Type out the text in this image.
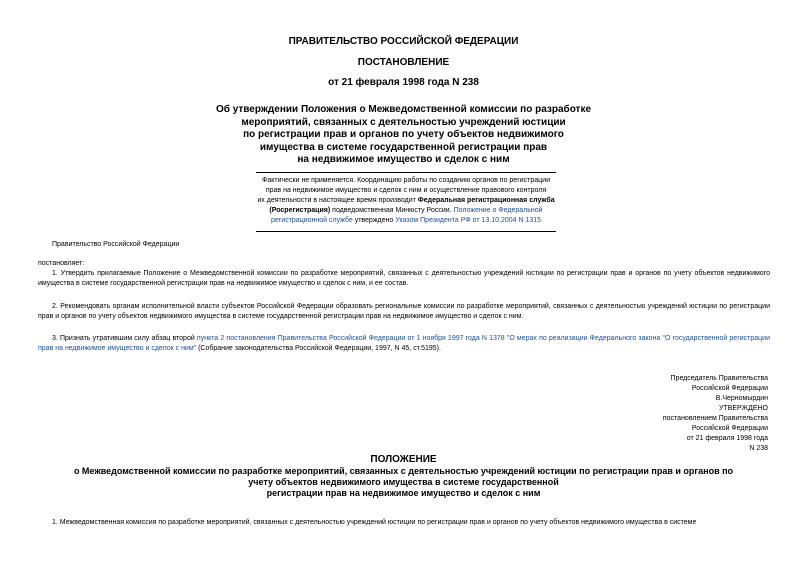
ПРАВИТЕЛЬСТВО РОССИЙСКОЙ ФЕДЕРАЦИИ
ПОСТАНОВЛЕНИЕ
от 21 февраля 1998 года N 238
Об утверждении Положения о Межведомственной комиссии по разработке
мероприятий, связанных с деятельностью учреждений юстиции
по регистрации прав и органов по учету объектов недвижимого
имущества в системе государственной регистрации прав
на недвижимое имущество и сделок с ним
Фактически не применяется. Координацию работы по созданию органов по регистрации
прав на недвижимое имущество и сделок с ним и осуществление правового контроля
их деятельности в настоящее время производит Федеральная регистрационная служба
(Росрегистрация) подведомственная Минюсту России. Положение о Федеральной
регистрационной службе утверждено Указом Президента РФ от 13.10.2004 N 1315
Правительство Российской Федерации
постановляет:
1. Утвердить прилагаемые Положение о Межведомственной комиссии по разработке мероприятий, связанных с деятельностью учреждений юстиции по регистрации прав и органов по учету объектов недвижимого имущества в системе государственной регистрации прав на недвижимое имущество и сделок с ним, и ее состав.
2. Рекомендовать органам исполнительной власти субъектов Российской Федерации образовать региональные комиссии по разработке мероприятий, связанных с деятельностью учреждений юстиции по регистрации прав и органов по учету объектов недвижимого имущества в системе государственной регистрации прав на недвижимое имущество и сделок с ним.
3. Признать утратившим силу абзац второй пункта 2 постановления Правительства Российской Федерации от 1 ноября 1997 года N 1378 "О мерах по реализации Федерального закона "О государственной регистрации прав на недвижимое имущество и сделок с ним" (Собрание законодательства Российской Федерации, 1997, N 45, ст.5195).
Председатель Правительства
Российской Федерации
В.Черномырдин
УТВЕРЖДЕНО
постановлением Правительства
Российской Федерации
от 21 февраля 1998 года
N 238
ПОЛОЖЕНИЕ
о Межведомственной комиссии по разработке мероприятий, связанных с деятельностью учреждений юстиции по регистрации прав и органов по
учету объектов недвижимого имущества в системе государственной
регистрации прав на недвижимое имущество и сделок с ним
1. Межведомственная комиссия по разработке мероприятий, связанных с деятельностью учреждений юстиции по регистрации прав и органов по учету объектов недвижимого имущества в системе
